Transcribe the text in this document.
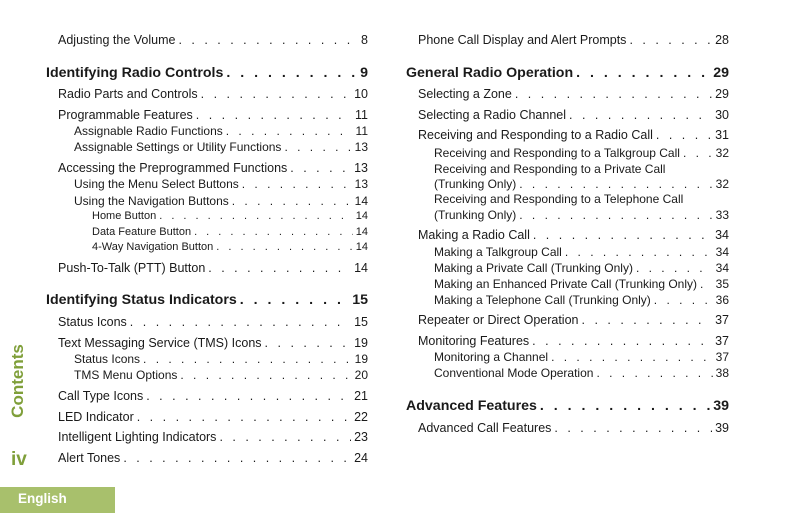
Adjusting the Volume . . .	8
Identifying Radio Controls . . .	9
Radio Parts and Controls . . .	10
Programmable Features . . .	11
Assignable Radio Functions . . .	11
Assignable Settings or Utility Functions . . .	13
Accessing the Preprogrammed Functions . . .	13
Using the Menu Select Buttons . . .	13
Using the Navigation Buttons . . .	14
Home Button . . .	14
Data Feature Button . . .	14
4-Way Navigation Button . . .	14
Push-To-Talk (PTT) Button . . .	14
Identifying Status Indicators . . .	15
Status Icons . . .	15
Text Messaging Service (TMS) Icons . . .	19
Status Icons . . .	19
TMS Menu Options . . .	20
Call Type Icons . . .	21
LED Indicator . . .	22
Intelligent Lighting Indicators . . .	23
Alert Tones . . .	24
Phone Call Display and Alert Prompts . . .	28
General Radio Operation . . .	29
Selecting a Zone . . .	29
Selecting a Radio Channel . . .	30
Receiving and Responding to a Radio Call . . .	31
Receiving and Responding to a Talkgroup Call . . .	32
Receiving and Responding to a Private Call
(Trunking Only) . . .	32
Receiving and Responding to a Telephone Call
(Trunking Only) . . .	33
Making a Radio Call . . .	34
Making a Talkgroup Call . . .	34
Making a Private Call (Trunking Only) . . .	34
Making an Enhanced Private Call (Trunking Only) . . . 35
Making a Telephone Call (Trunking Only) . . .	36
Repeater or Direct Operation . . .	37
Monitoring Features . . .	37
Monitoring a Channel . . .	37
Conventional Mode Operation . . .	38
Advanced Features . . .	39
Advanced Call Features . . .	39
Contents
iv
English
